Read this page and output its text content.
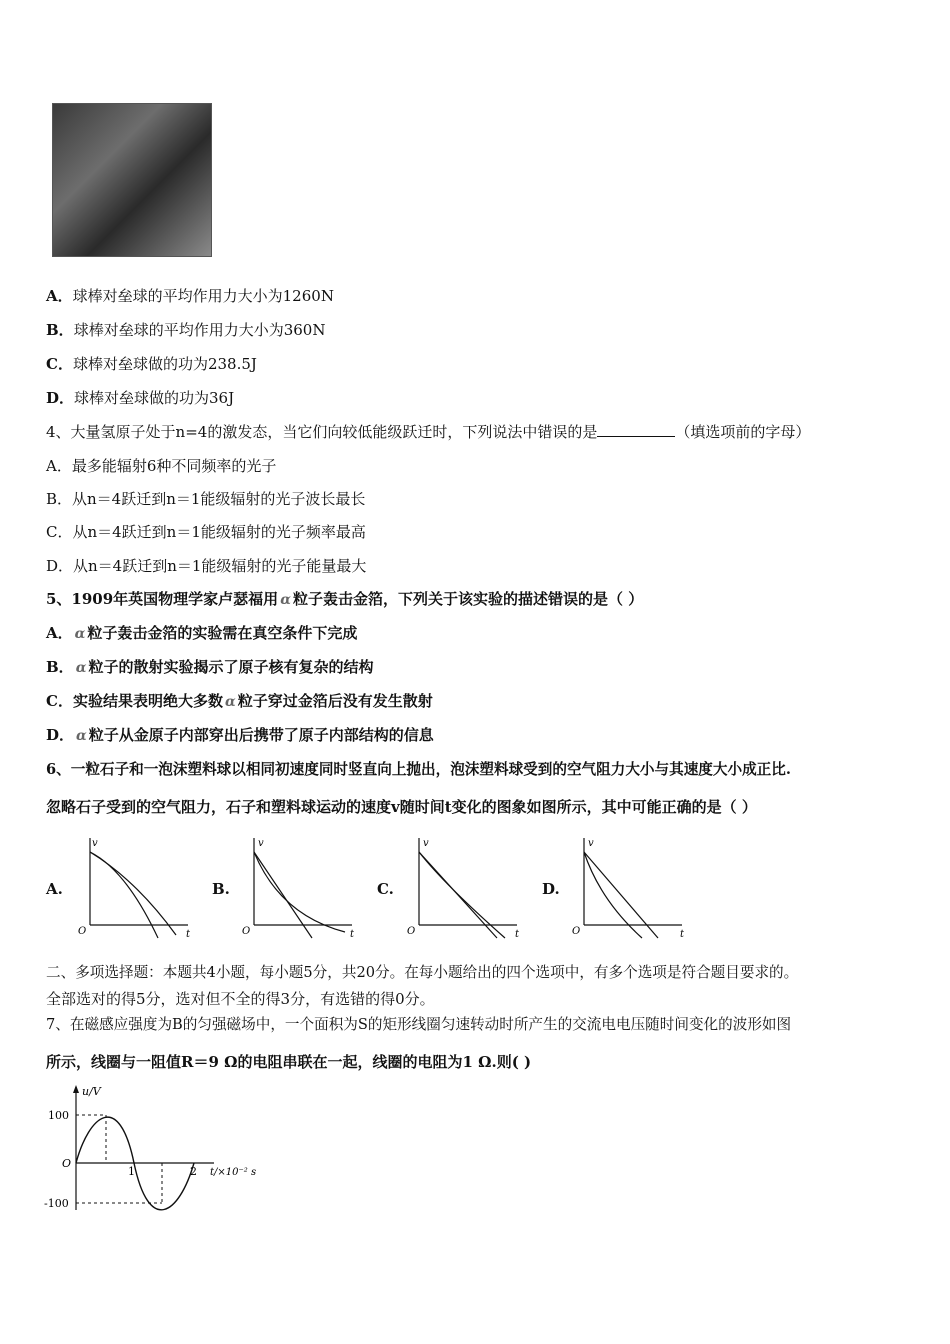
A．球棒对垒球的平均作用力大小为1260N
B．球棒对垒球的平均作用力大小为360N
C．球棒对垒球做的功为238.5J
D．球棒对垒球做的功为36J
4、大量氢原子处于n=4的激发态，当它们向较低能级跃迁时，下列说法中错误的是	（填选项前的字母）
A．最多能辐射6种不同频率的光子
B．从n＝4跃迁到n＝1能级辐射的光子波长最长
C．从n＝4跃迁到n＝1能级辐射的光子频率最高
D．从n＝4跃迁到n＝1能级辐射的光子能量最大
5、1909年英国物理学家卢瑟福用 α 粒子轰击金箔，下列关于该实验的描述错误的是（ ）
A． α 粒子轰击金箔的实验需在真空条件下完成
B． α 粒子的散射实验揭示了原子核有复杂的结构
C．实验结果表明绝大多数 α 粒子穿过金箔后没有发生散射
D． α 粒子从金原子内部穿出后携带了原子内部结构的信息
6、一粒石子和一泡沫塑料球以相同初速度同时竖直向上抛出，泡沫塑料球受到的空气阻力大小与其速度大小成正比.
忽略石子受到的空气阻力，石子和塑料球运动的速度v随时间t变化的图象如图所示，其中可能正确的是（ ）
A.
v
t
O
B.
v
t
O
C.
v
t
O
D.
v
t
O
二、多项选择题：本题共4小题，每小题5分，共20分。在每小题给出的四个选项中，有多个选项是符合题目要求的。
全部选对的得5分，选对但不全的得3分，有选错的得0分。
7、在磁感应强度为B的匀强磁场中，一个面积为S的矩形线圈匀速转动时所产生的交流电电压随时间变化的波形如图
所示，线圈与一阻值R＝9 Ω的电阻串联在一起，线圈的电阻为1 Ω.则( )
u/V
100
-100
O
1	2 t/×10⁻² s
